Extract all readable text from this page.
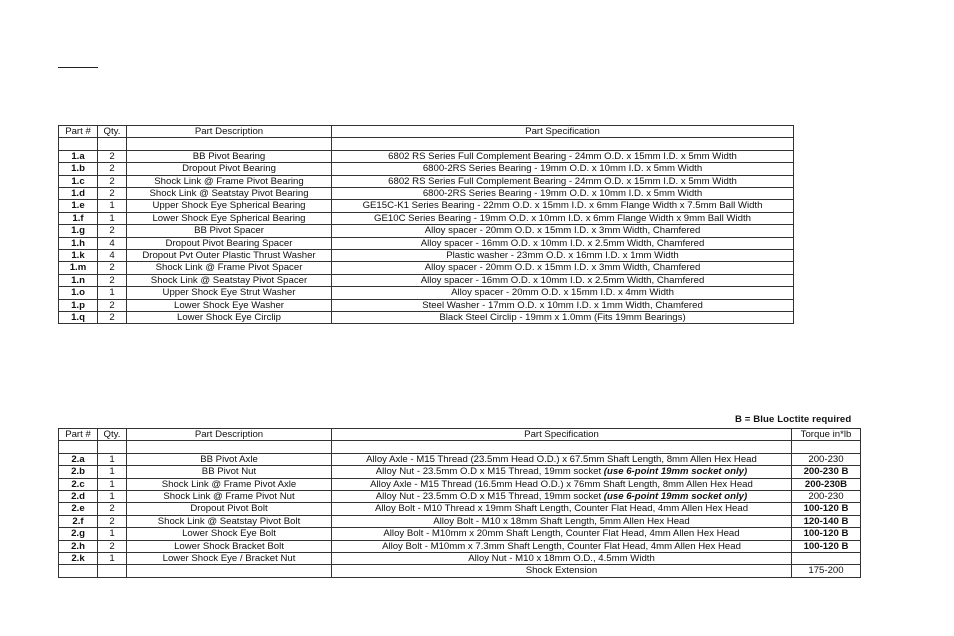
Part #	Qty.	Part Description	Part Specification

1.a	2	BB Pivot Bearing	6802 RS Series Full Complement Bearing - 24mm O.D. x 15mm I.D. x 5mm Width
1.b	2	Dropout Pivot Bearing	6800-2RS Series Bearing - 19mm O.D. x 10mm I.D. x 5mm Width
1.c	2	Shock Link @ Frame Pivot Bearing	6802 RS Series Full Complement Bearing - 24mm O.D. x 15mm I.D. x 5mm Width
1.d	2	Shock Link @ Seatstay Pivot Bearing	6800-2RS Series Bearing - 19mm O.D. x 10mm I.D. x 5mm Width
1.e	1	Upper Shock Eye Spherical Bearing	GE15C-K1 Series Bearing - 22mm O.D. x 15mm I.D. x 6mm Flange Width x 7.5mm Ball Width
1.f	1	Lower Shock Eye Spherical Bearing	GE10C Series Bearing - 19mm O.D. x 10mm I.D. x 6mm Flange Width x 9mm Ball Width
1.g	2	BB Pivot Spacer	Alloy spacer - 20mm O.D. x 15mm I.D. x 3mm Width, Chamfered
1.h	4	Dropout Pivot Bearing Spacer	Alloy spacer - 16mm O.D. x 10mm I.D. x 2.5mm Width, Chamfered
1.k	4	Dropout Pvt Outer Plastic Thrust Washer	Plastic washer - 23mm O.D. x 16mm I.D. x 1mm Width
1.m	2	Shock Link @ Frame Pivot Spacer	Alloy spacer - 20mm O.D. x 15mm I.D. x 3mm Width, Chamfered
1.n	2	Shock Link @ Seatstay Pivot Spacer	Alloy spacer - 16mm O.D. x 10mm I.D. x 2.5mm Width, Chamfered
1.o	1	Upper Shock Eye Strut Washer	Alloy spacer - 20mm O.D. x 15mm I.D. x 4mm Width
1.p	2	Lower Shock Eye Washer	Steel Washer - 17mm O.D. x 10mm I.D. x 1mm Width, Chamfered
1.q	2	Lower Shock Eye Circlip	Black Steel Circlip - 19mm x 1.0mm (Fits 19mm Bearings)
B = Blue Loctite required
Part #	Qty.	Part Description	Part Specification	Torque in*lb

2.a	1	BB Pivot Axle	Alloy Axle - M15 Thread (23.5mm Head O.D.) x 67.5mm Shaft Length, 8mm Allen Hex Head	200-230
2.b	1	BB Pivot Nut	Alloy Nut - 23.5mm O.D x M15 Thread, 19mm socket (use 6-point 19mm socket only)	200-230 B
2.c	1	Shock Link @ Frame Pivot Axle	Alloy Axle - M15 Thread (16.5mm Head O.D.) x 76mm Shaft Length, 8mm Allen Hex Head	200-230B
2.d	1	Shock Link @ Frame Pivot Nut	Alloy Nut - 23.5mm O.D x M15 Thread, 19mm socket (use 6-point 19mm socket only)	200-230
2.e	2	Dropout Pivot Bolt	Alloy Bolt - M10 Thread x 19mm Shaft Length, Counter Flat Head, 4mm Allen Hex Head	100-120 B
2.f	2	Shock Link @ Seatstay Pivot Bolt	Alloy Bolt - M10 x 18mm Shaft Length, 5mm Allen Hex Head	120-140 B
2.g	1	Lower Shock Eye Bolt	Alloy Bolt - M10mm x 20mm Shaft Length, Counter Flat Head, 4mm Allen Hex Head	100-120 B
2.h	2	Lower Shock Bracket Bolt	Alloy Bolt - M10mm x 7.3mm Shaft Length, Counter Flat Head, 4mm Allen Hex Head	100-120 B
2.k	1	Lower Shock Eye / Bracket Nut	Alloy Nut - M10 x 18mm O.D., 4.5mm Width	
			Shock Extension	175-200
